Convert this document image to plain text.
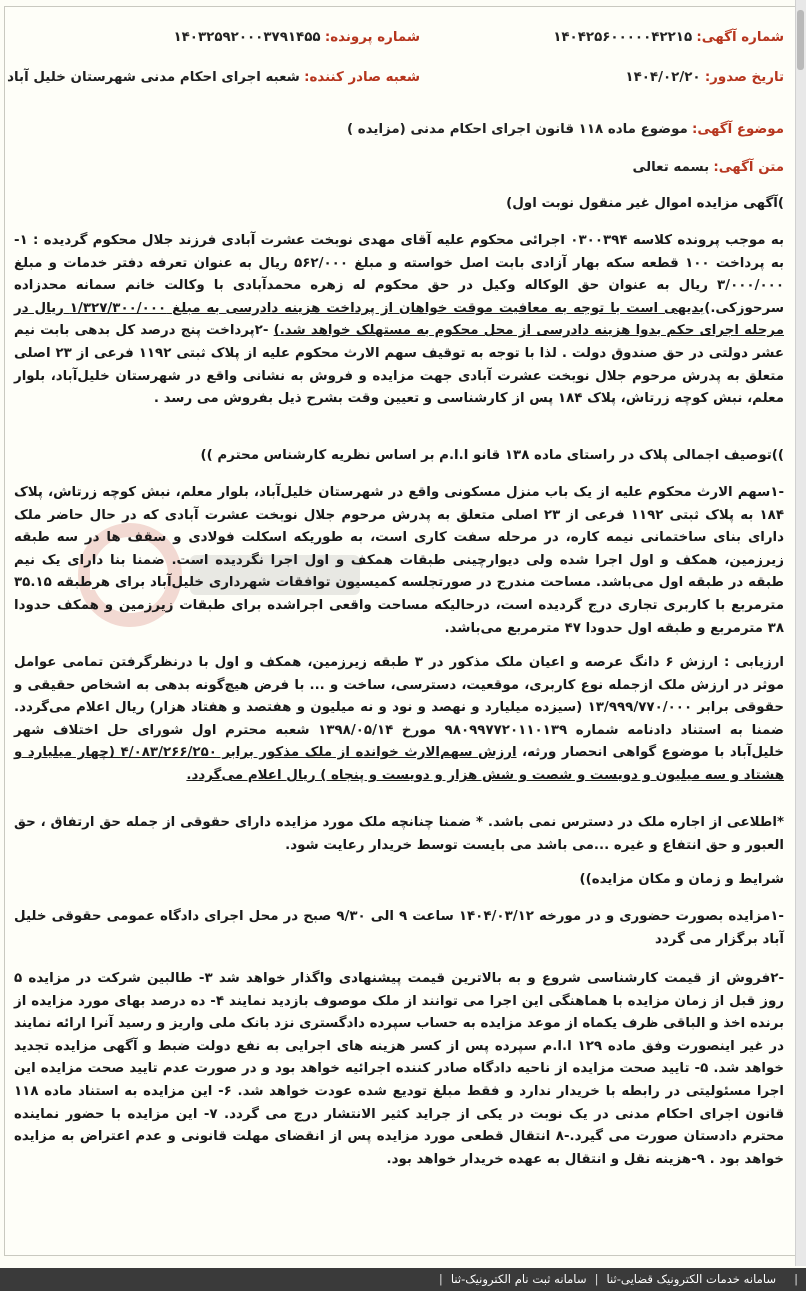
شماره آگهی: ۱۴۰۴۲۵۶۰۰۰۰۰۴۲۲۱۵
شماره پرونده: ۱۴۰۳۲۵۹۲۰۰۰۳۷۹۱۴۵۵
تاریخ صدور: ۱۴۰۴/۰۲/۲۰
شعبه صادر کننده: شعبه اجرای احکام مدنی شهرستان خلیل آباد
موضوع آگهی: موضوع ماده ۱۱۸ قانون اجرای احکام مدنی (مزایده )
متن آگهی: بسمه تعالی
)آگهی مزایده اموال غیر منقول نوبت اول)

به موجب پرونده کلاسه ۰۳۰۰۳۹۴ اجرائی محکوم علیه آقای مهدی نوبخت عشرت آبادی فرزند جلال محکوم گردیده : ۱- به پرداخت ۱۰۰ قطعه سکه بهار آزادی بابت اصل خواسته و مبلغ ۵۶۲/۰۰۰ ریال به عنوان تعرفه دفتر خدمات و مبلغ ۳/۰۰۰/۰۰۰ ریال به عنوان حق الوکاله وکیل در حق محکوم له زهره محمدآبادی با وکالت خانم سمانه محدزاده سرحوزکی.)بدیهی است با توجه به معافیت موقت خواهان از پرداخت هزینه دادرسی به مبلغ ۱/۳۲۷/۳۰۰/۰۰۰ ریال در مرحله اجرای حکم بدوا هزینه دادرسی از محل محکوم به مستهلک خواهد شد.) -۲پرداخت پنج درصد کل بدهی بابت نیم عشر دولتی در حق صندوق دولت . لذا با توجه به توقیف سهم الارث محکوم علیه از پلاک ثبتی ۱۱۹۲ فرعی از ۲۳ اصلی متعلق به پدرش مرحوم جلال نوبخت عشرت آبادی جهت مزایده و فروش به نشانی واقع در شهرستان خلیل‌آباد، بلوار معلم، نبش کوچه زرتاش، پلاک ۱۸۴ پس از کارشناسی و تعیین وقت بشرح ذیل بفروش می رسد .

))توصیف اجمالی پلاک در راستای ماده ۱۳۸ قانو ا.ا.م بر اساس نظریه کارشناس محترم ))

-۱سهم الارث محکوم علیه از یک باب منزل مسکونی واقع در شهرستان خلیل‌آباد، بلوار معلم، نبش کوچه زرتاش، پلاک ۱۸۴ به پلاک ثبتی ۱۱۹۲ فرعی از ۲۳ اصلی متعلق به پدرش مرحوم جلال نوبخت عشرت آبادی که در حال حاضر ملک دارای بنای ساختمانی نیمه کاره، در مرحله سفت کاری است، به طوریکه اسکلت فولادی و سقف ها در سه طبقه زیرزمین، همکف و اول اجرا شده ولی دیوارچینی طبقات همکف و اول اجرا نگردیده است. ضمنا بنا دارای یک نیم طبقه در طبقه اول می‌باشد. مساحت مندرج در صورتجلسه کمیسیون توافقات شهرداری خلیل‌آباد برای هرطبقه ۳۵.۱۵ مترمربع با کاربری تجاری درج گردیده است، درحالیکه مساحت واقعی اجراشده برای طبقات زیرزمین و همکف حدودا ۳۸ مترمربع و طبقه اول حدودا ۴۷ مترمربع می‌باشد.

ارزیابی : ارزش ۶ دانگ عرصه و اعیان ملک مذکور در ۳ طبقه زیرزمین، همکف و اول با درنظرگرفتن تمامی عوامل موثر در ارزش ملک ازجمله نوع کاربری، موقعیت، دسترسی، ساخت و ... با فرض هیچ‌گونه بدهی به اشخاص حقیقی و حقوقی برابر ۱۳/۹۹۹/۷۷۰/۰۰۰ (سیزده میلیارد و نهصد و نود و نه میلیون و هفتصد و هفتاد هزار) ریال اعلام می‌گردد. ضمنا به استناد دادنامه شماره ۹۸۰۹۹۷۷۲۰۱۱۰۱۳۹ مورخ ۱۳۹۸/۰۵/۱۴ شعبه محترم اول شورای حل اختلاف شهر خلیل‌آباد با موضوع گواهی انحصار ورثه، ارزش سهم‌الارث خوانده از ملک مذکور برابر ۴/۰۸۳/۲۶۶/۲۵۰ (چهار میلیارد و هشتاد و سه میلیون و دویست و شصت و شش هزار و دویست و پنجاه ) ریال اعلام می‌گردد.

*اطلاعی از اجاره ملک در دسترس نمی باشد. * ضمنا چنانچه ملک مورد مزایده دارای حقوقی از جمله حق ارتفاق ، حق العبور و حق انتفاع و غیره ...می باشد می بایست توسط خریدار رعایت شود.

شرایط و زمان و مکان مزایده))

-۱مزایده بصورت حضوری و در مورخه ۱۴۰۴/۰۳/۱۲ ساعت ۹ الی ۹/۳۰ صبح در محل اجرای دادگاه عمومی حقوقی خلیل آباد برگزار می گردد

-۲فروش از قیمت کارشناسی شروع و به بالاترین قیمت پیشنهادی واگذار خواهد شد ۳- طالبین شرکت در مزایده ۵ روز قبل از زمان مزایده با هماهنگی این اجرا می توانند از ملک موصوف بازدید نمایند ۴- ده درصد بهای مورد مزایده از برنده اخذ و الباقی ظرف یکماه از موعد مزایده به حساب سپرده دادگستری نزد بانک ملی واریز و رسید آنرا ارائه نمایند در غیر اینصورت وفق ماده ۱۲۹ ا.ا.م سپرده پس از کسر هزینه های اجرایی به نفع دولت ضبط و آگهی مزایده تجدید خواهد شد. ۵- تایید صحت مزایده از ناحیه دادگاه صادر کننده اجرائیه خواهد بود و در صورت عدم تایید صحت مزایده این اجرا مسئولیتی در رابطه با خریدار ندارد و فقط مبلغ تودیع شده عودت خواهد شد. ۶- این مزایده به استناد ماده ۱۱۸ قانون اجرای احکام مدنی در یک نوبت در یکی از جراید کثیر الانتشار درج می گردد. ۷- این مزایده با حضور نماینده محترم دادستان صورت می گیرد.-۸ انتقال قطعی مورد مزایده پس از انقضای مهلت قانونی و عدم اعتراض به مزایده خواهد بود . ۹-هزینه نقل و انتقال به عهده خریدار خواهد بود.

|سامانه خدمات الکترونیک قضایی-ثنا|سامانه ثبت نام الکترونیک-ثنا|
